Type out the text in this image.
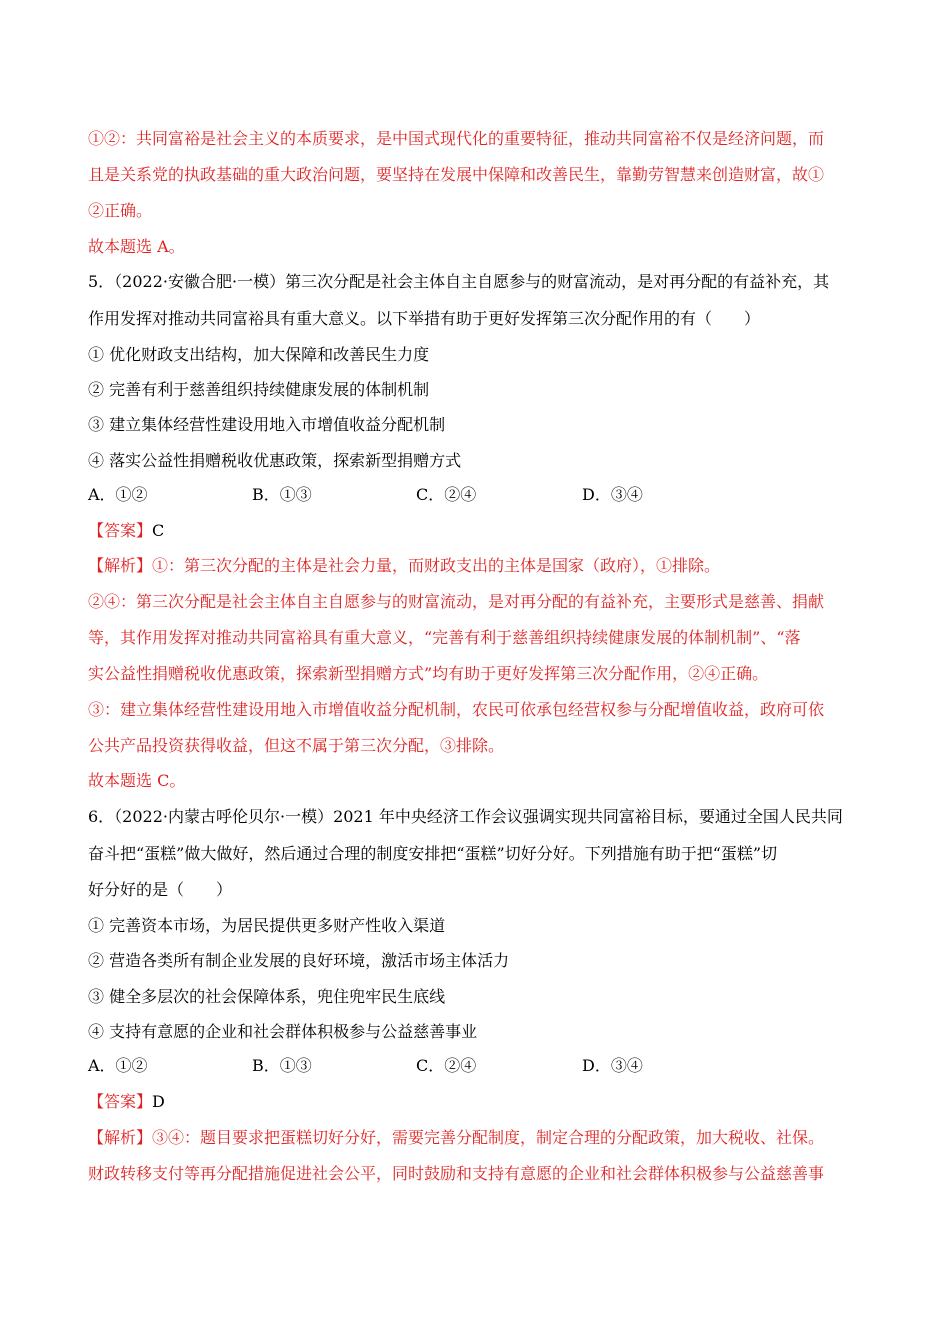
①②：共同富裕是社会主义的本质要求，是中国式现代化的重要特征，推动共同富裕不仅是经济问题，而
且是关系党的执政基础的重大政治问题，要坚持在发展中保障和改善民生，靠勤劳智慧来创造财富，故①
②正确。
故本题选 A。
5．（2022·安徽合肥·一模）第三次分配是社会主体自主自愿参与的财富流动，是对再分配的有益补充，其
作用发挥对推动共同富裕具有重大意义。以下举措有助于更好发挥第三次分配作用的有（　　）
① 优化财政支出结构，加大保障和改善民生力度
② 完善有利于慈善组织持续健康发展的体制机制
③ 建立集体经营性建设用地入市增值收益分配机制
④ 落实公益性捐赠税收优惠政策，探索新型捐赠方式
A．①②	B．①③	C．②④	D．③④
【答案】C
【解析】①：第三次分配的主体是社会力量，而财政支出的主体是国家（政府），①排除。
②④：第三次分配是社会主体自主自愿参与的财富流动，是对再分配的有益补充，主要形式是慈善、捐献
等，其作用发挥对推动共同富裕具有重大意义，“完善有利于慈善组织持续健康发展的体制机制”、“落
实公益性捐赠税收优惠政策，探索新型捐赠方式”均有助于更好发挥第三次分配作用，②④正确。
③：建立集体经营性建设用地入市增值收益分配机制，农民可依承包经营权参与分配增值收益，政府可依
公共产品投资获得收益，但这不属于第三次分配，③排除。
故本题选 C。
6．（2022·内蒙古呼伦贝尔·一模）2021 年中央经济工作会议强调实现共同富裕目标，要通过全国人民共同
奋斗把“蛋糕”做大做好，然后通过合理的制度安排把“蛋糕”切好分好。下列措施有助于把“蛋糕”切
好分好的是（　　）
① 完善资本市场，为居民提供更多财产性收入渠道
② 营造各类所有制企业发展的良好环境，激活市场主体活力
③ 健全多层次的社会保障体系，兜住兜牢民生底线
④ 支持有意愿的企业和社会群体积极参与公益慈善事业
A．①②	B．①③	C．②④	D．③④
【答案】D
【解析】③④：题目要求把蛋糕切好分好，需要完善分配制度，制定合理的分配政策，加大税收、社保。
财政转移支付等再分配措施促进社会公平，同时鼓励和支持有意愿的企业和社会群体积极参与公益慈善事
